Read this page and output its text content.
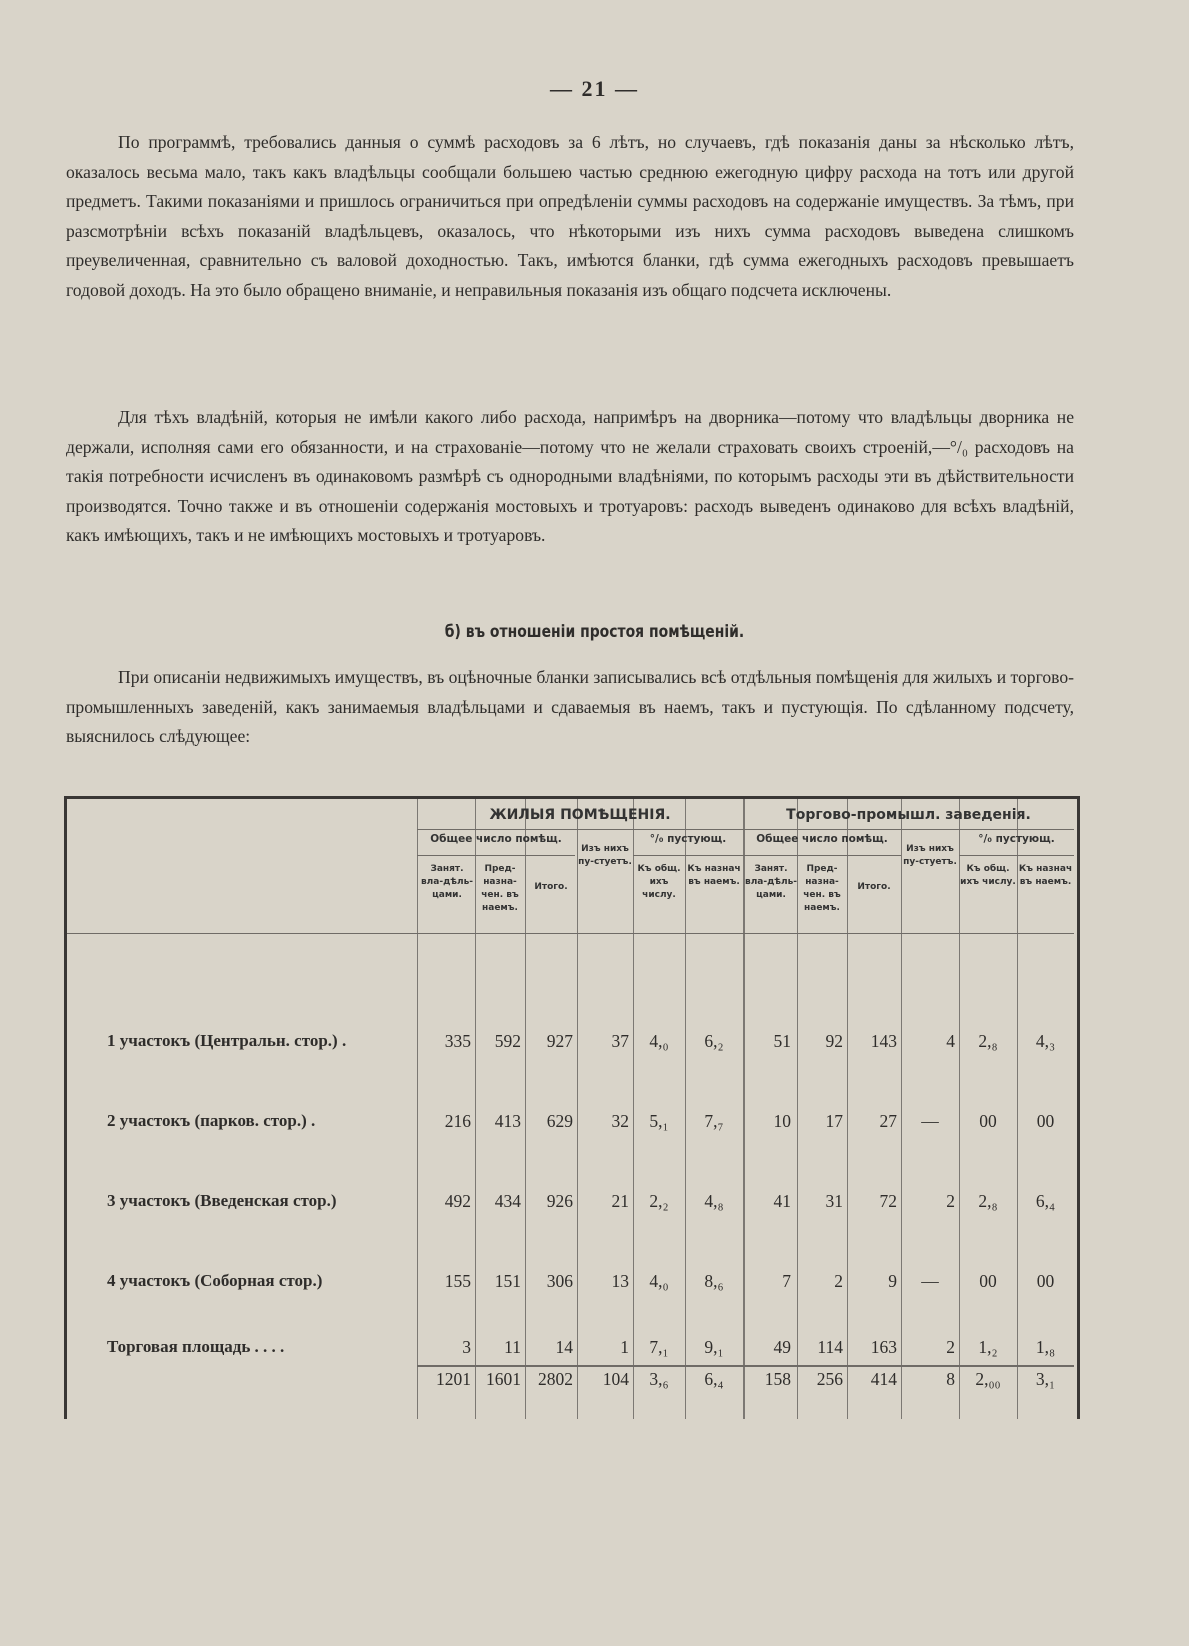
— 21 —

По программѣ, требовались данныя о суммѣ расходовъ за 6 лѣтъ, но случаевъ, гдѣ показанія даны за нѣсколько лѣтъ, оказалось весьма мало, такъ какъ владѣльцы сообщали большею частью среднюю ежегодную цифру расхода на тотъ или другой предметъ. Такими показаніями и пришлось ограничиться при опредѣленіи суммы расходовъ на содержаніе имуществъ. За тѣмъ, при разсмотрѣніи всѣхъ показаній владѣльцевъ, оказалось, что нѣкоторыми изъ нихъ сумма расходовъ выведена слишкомъ преувеличенная, сравнительно съ валовой доходностью. Такъ, имѣются бланки, гдѣ сумма ежегодныхъ расходовъ превышаетъ годовой доходъ. На это было обращено вниманіе, и неправильныя показанія изъ общаго подсчета исключены.

Для тѣхъ владѣній, которыя не имѣли какого либо расхода, напримѣръ на дворника—потому что владѣльцы дворника не держали, исполняя сами его обязанности, и на страхованіе—потому что не желали страховать своихъ строеній,—°/₀ расходовъ на такія потребности исчисленъ въ одинаковомъ размѣрѣ съ однородными владѣніями, по которымъ расходы эти въ дѣйствительности производятся. Точно также и въ отношеніи содержанія мостовыхъ и тротуаровъ: расходъ выведенъ одинаково для всѣхъ владѣній, какъ имѣющихъ, такъ и не имѣющихъ мостовыхъ и тротуаровъ.

б) въ отношеніи простоя помѣщеній.

При описаніи недвижимыхъ имуществъ, въ оцѣночные бланки записывались всѣ отдѣльныя помѣщенія для жилыхъ и торгово-промышленныхъ заведеній, какъ занимаемыя владѣльцами и сдаваемыя въ наемъ, такъ и пустующія. По сдѣланному подсчету, выяснилось слѣдующее:

ЖИЛЫЯ ПОМѢЩЕНІЯ.	Торгово-промышл. заведенія.
Общее число помѣщ.
Изъ нихъ пу-стуетъ.
°/₀ пустующ.	Общее число помѣщ.
Изъ нихъ пу-стуетъ.
°/₀ пустующ.
Занят. вла-дѣль-цами.
Пред-назна-чен. въ наемъ.
Итого.
Къ общ. ихъ числу.
Къ назнач въ наемъ.
Занят. вла-дѣль-цами.
Пред-назна-чен. въ наемъ.
Итого.
Къ общ. ихъ числу.
Къ назнач въ наемъ.
1 участокъ (Центральн. стор.) .	335	592	927	37	4,₀	6,₂	51	92	143	4	2,₈	4,₃
2 участокъ (парков. стор.) .	216	413	629	32	5,₁	7,₇	10	17	27	—	00	00
3 участокъ (Введенская стор.)	492	434	926	21	2,₂	4,₈	41	31	72	2	2,₈	6,₄
4 участокъ (Соборная стор.)	155	151	306	13	4,₀	8,₆	7	2	9	—	00	00
Торговая площадь . . . .	3	11	14	1	7,₁	9,₁	49	114	163	2	1,₂	1,₈
1201 1601 2802	104	3,₆	6,₄	158	256	414	8	2,₀₀	3,₁
